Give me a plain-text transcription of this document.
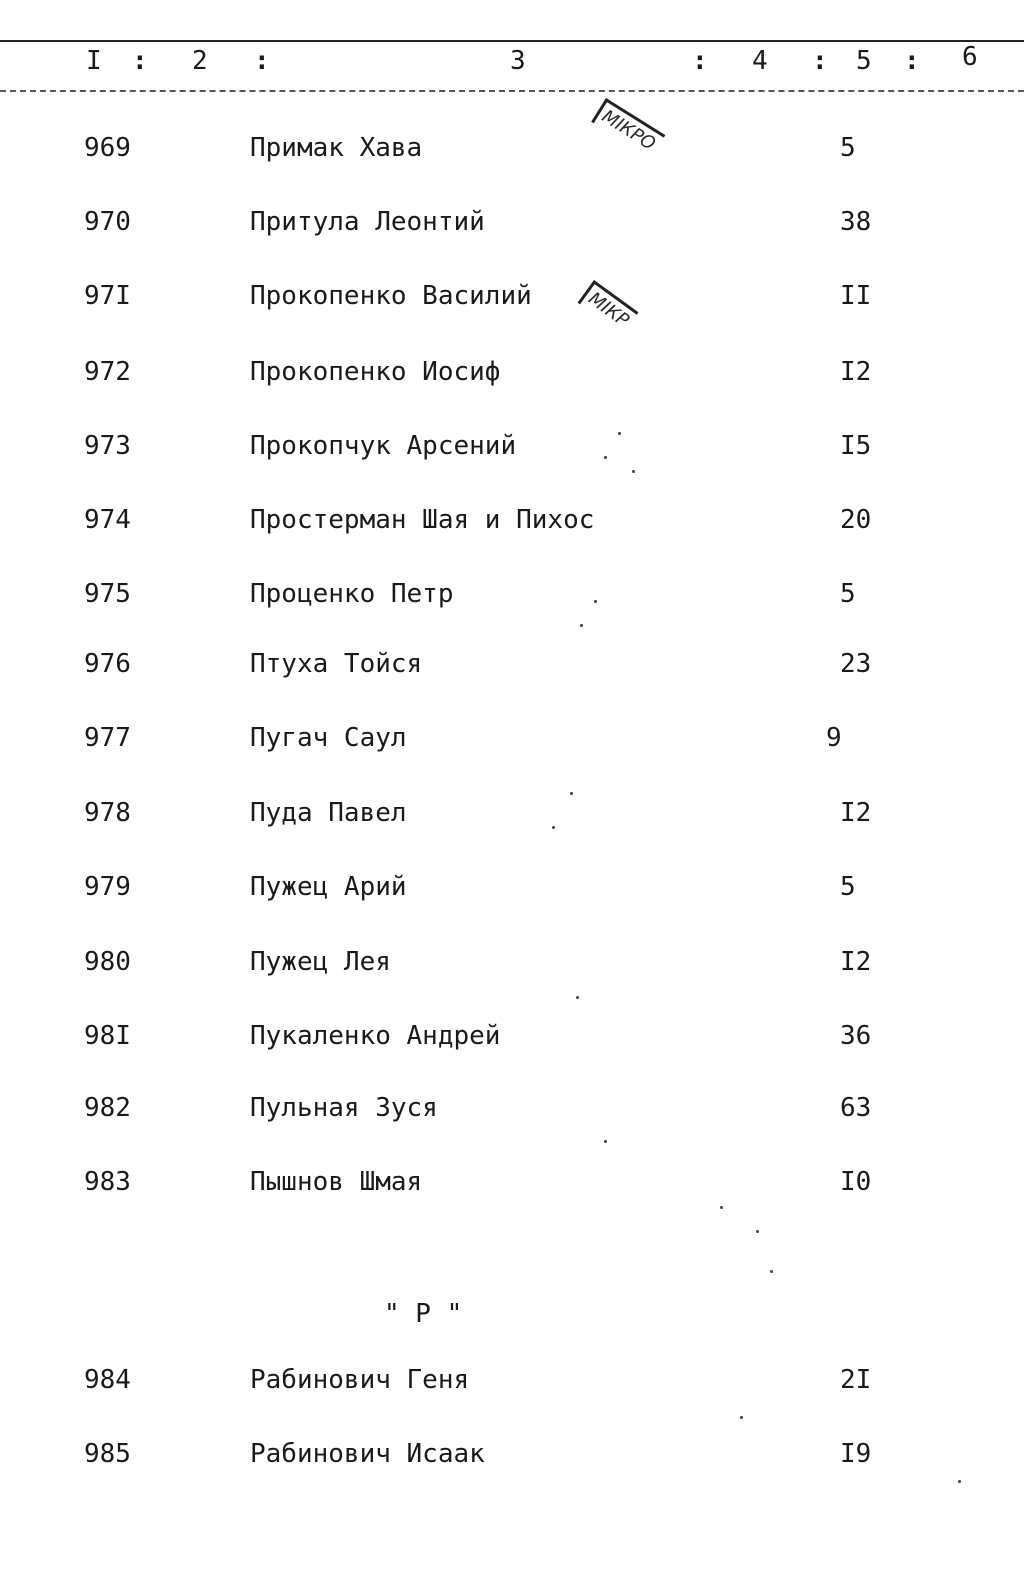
I : 2 :	3	: 4 : 5 : 6
969	Примак Хава	5
970	Притула Леонтий	38
97I	Прокопенко Василий	II
972	Прокопенко Иосиф	I2
973	Прокопчук Арсений	I5
974	Простерман Шая и Пихос	20
975	Проценко Петр	5
976	Птуха Тойся	23
977	Пугач Саул	9
978	Пуда Павел	I2
979	Пужец Арий	5
980	Пужец Лея	I2
98I	Пукаленко Андрей	36
982	Пульная Зуся	63
983	Пышнов Шмая	I0
" Р "
984	Рабинович Геня	2I
985	Рабинович Исаак	I9
МІКРО
МІКР
